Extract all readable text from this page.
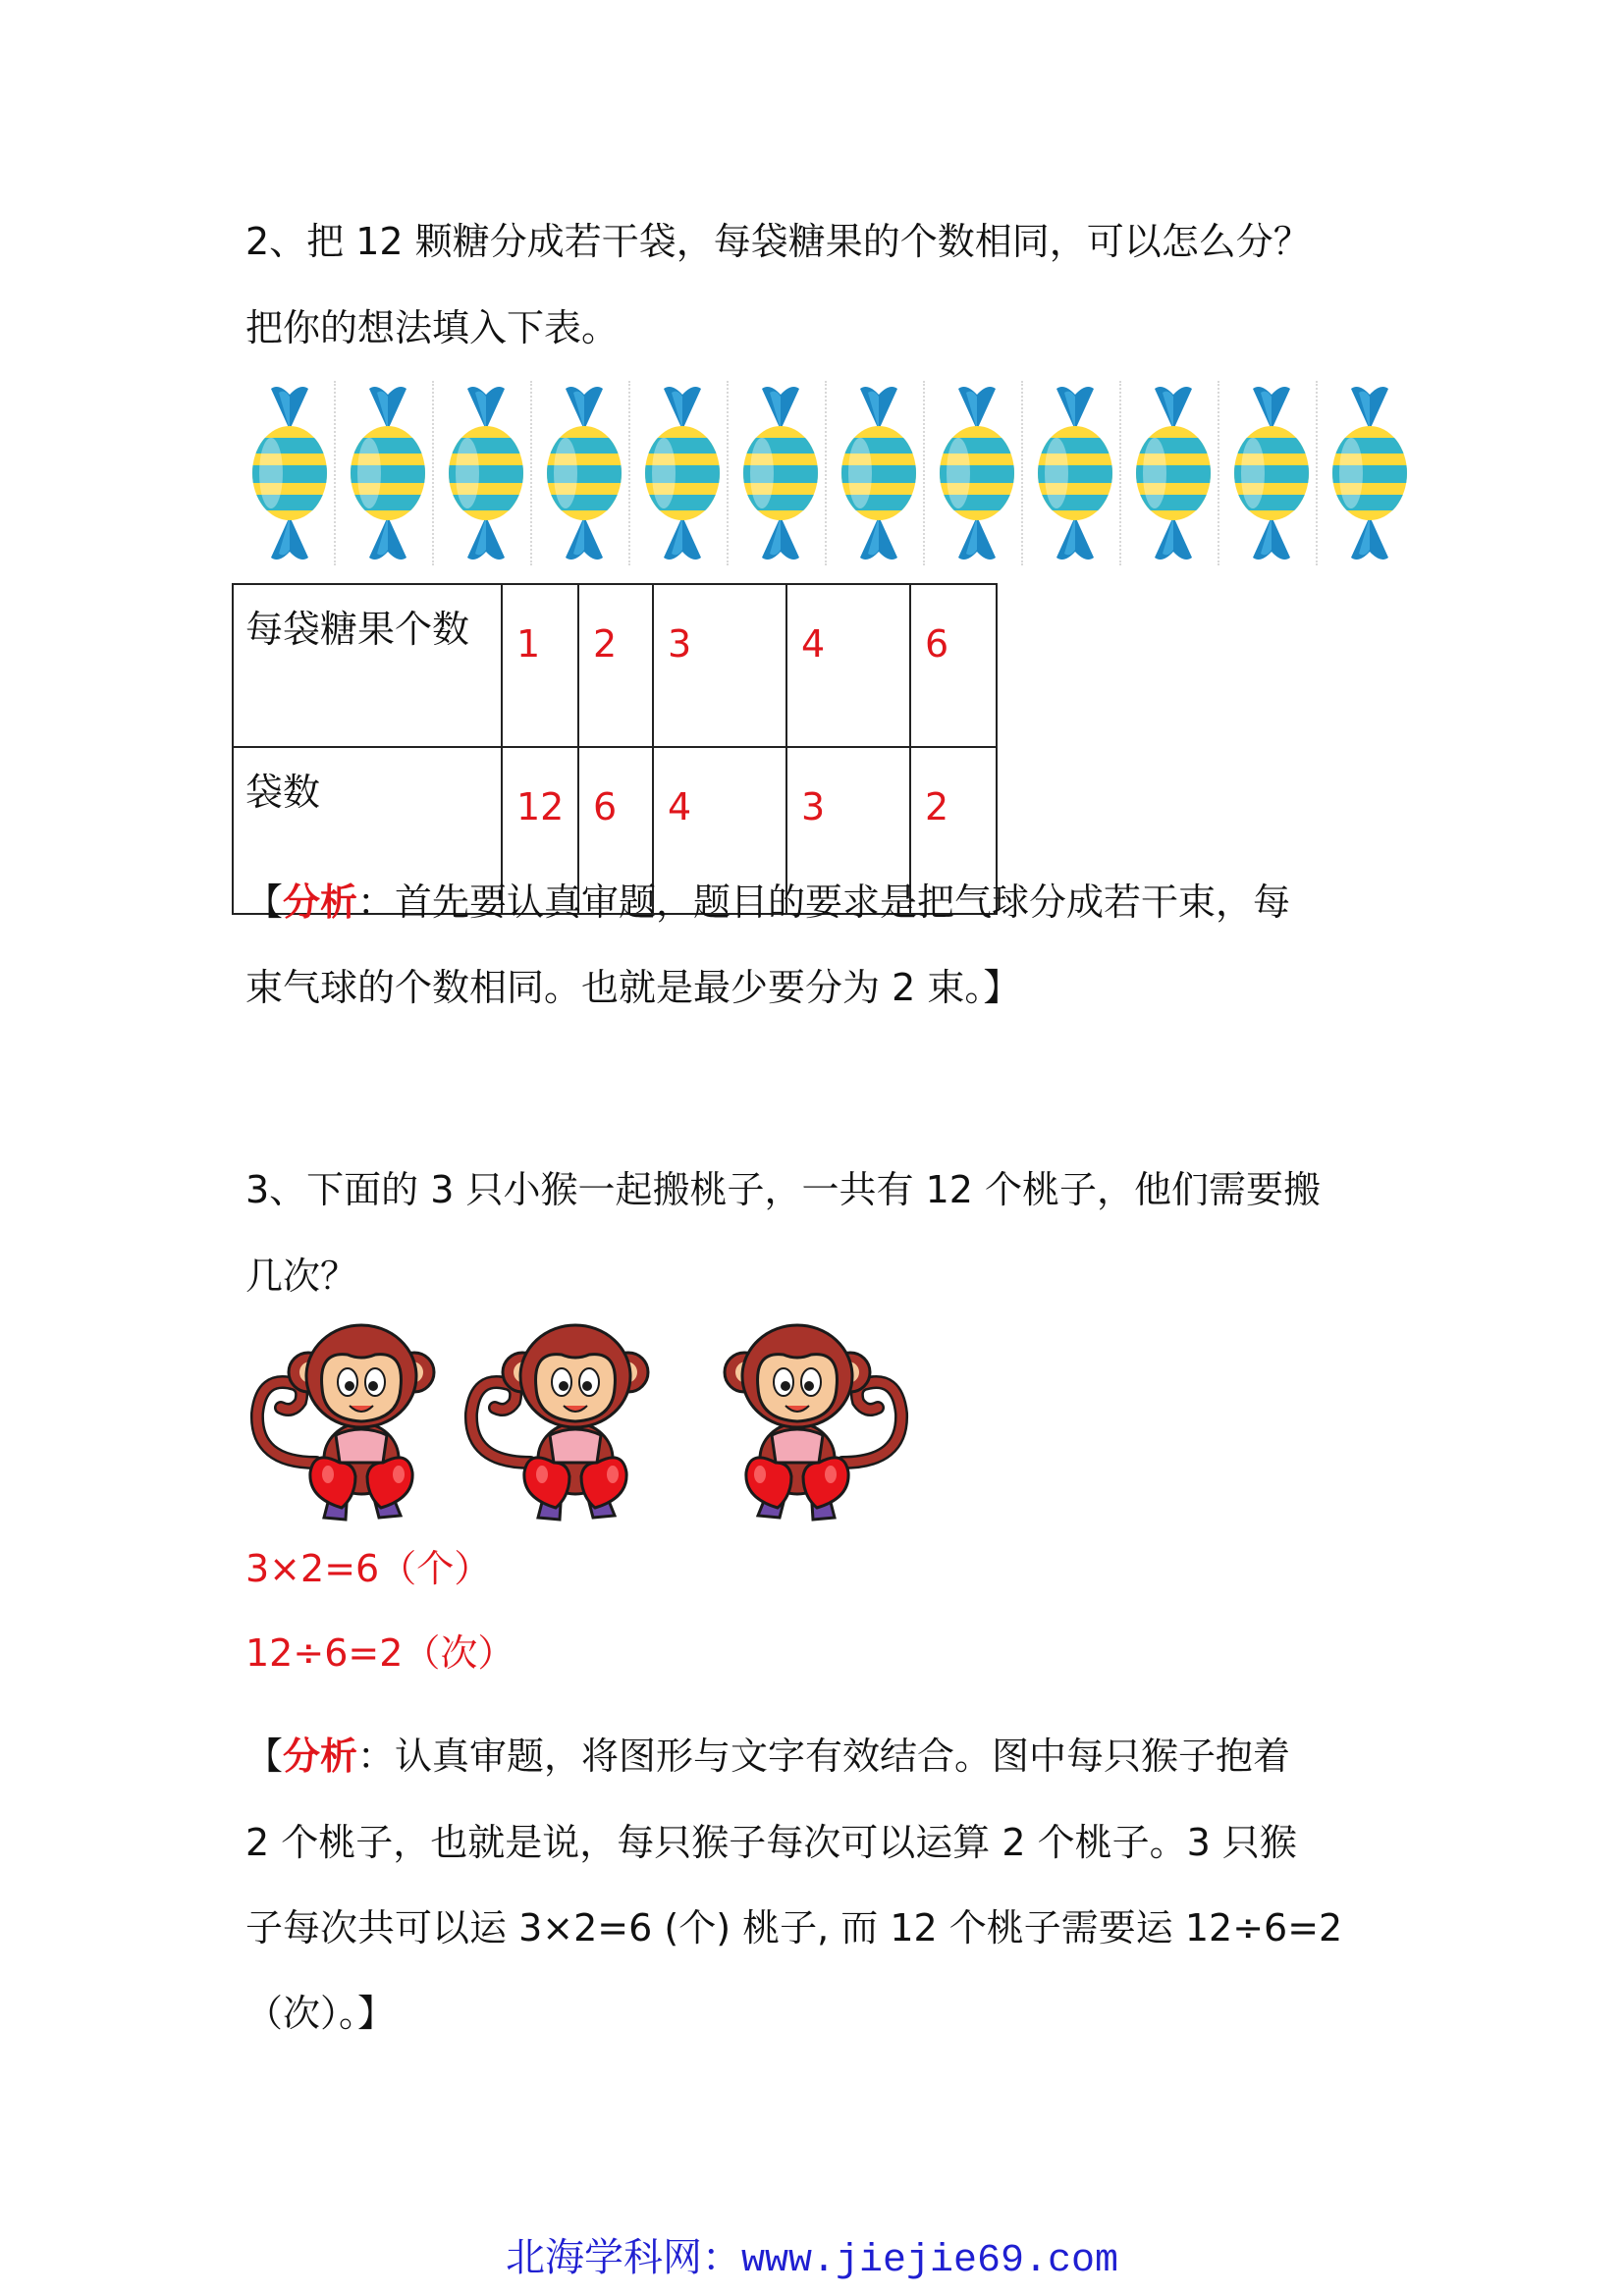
2、把 12 颗糖分成若干袋，每袋糖果的个数相同，可以怎么分？
把你的想法填入下表。
每袋糖果个数	1	2	3	4	6
袋数	12	6	4	3	2
【分析：首先要认真审题，题目的要求是把气球分成若干束，每
束气球的个数相同。也就是最少要分为 2 束。】
3、下面的 3 只小猴一起搬桃子，一共有 12 个桃子，他们需要搬
几次？
3×2=6（个）
12÷6=2（次）
【分析：认真审题，将图形与文字有效结合。图中每只猴子抱着
2 个桃子，也就是说，每只猴子每次可以运算 2 个桃子。3 只猴
子每次共可以运 3×2=6 (个) 桃子, 而 12 个桃子需要运 12÷6=2
（次）。】
北海学科网：www.jiejie69.com
